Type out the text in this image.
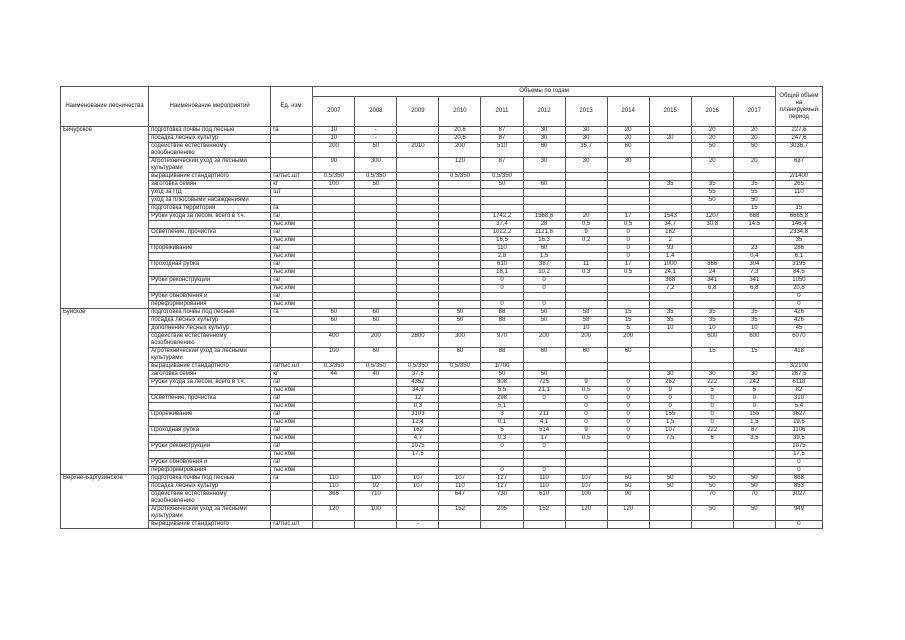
Наименование лесничества	Наименование мероприятий	Ед. изм.	Объемы по годам											Общий объем на планируемый период
			2007	2008	2009	2010	2011	2012	2013	2014	2015	2016	2017	
Бичурское	подготовка почвы под лесные	га	10	-		20,6	87	30	30	20		20	20	227,6
	посадка лесных культур		10	-		20,6	87	30	30	20	20	20	20	247,6
	содействие естественному возобновлению		200	60	2010	200	510	60	35,7	60		50	50	3036,7
	Агротехнический уход за лесными культурами		90	300		120	87	30	30	30		20	20	637
	выращивание стандартного	га/тыс.шт	0,5/350	0,5/350		0,5/350	0,5/350							2/1400
	заготовка семян	кг	100	50			50	60			35	35	35	265
	уход за ПД	шт										55	55	110
	уход за плюсовыми насаждениями											50	50	
	подготовка территории	га											15	15
	Рубки ухода за лесом, всего в т.ч.	га/					1742,2	1568,6	20	17	1543	1207	668	6665,8
		тыс.кбм					37,4	28	0,5	0,5	34,7	30,8	14,5	146,4
	Осветление, прочистка	га/					1022,2	1121,6	9	0	182			2334,8
		тыс.кбм					16,5	16,3	0,2	0	2			35
	Прореживание	га/					110	60		0	93		23	286
		тыс.кбм					2,8	1,5		0	1,4		0,4	6,1
	Проходная рубка	га/					610	387	11	17	1000	866	304	3195
		тыс.кбм					18,1	10,2	0,3	0,5	24,1	24	7,3	84,5
	Рубки реконструкции	га/					0	0			368	341	341	1050
		тыс.кбм					0	0			7,2	6,8	6,8	20,8
	Рубки обновления и	га/												0
	переформирования	тыс.кбм					0	0						0
Буйское	подготовка почвы под лесные	га	60	60		50	88	50	58	15	35	35	35	426
	посадка лесных культур		60	60		50	88	50	58	15	35	35	35	426
	дополнение лесных культур								10	5	10	10	10	45
	содействие естественному возобновлению		400	200	2800	300	970	200	200	200		600	600	6070
	Агротехнический уход за лесными культурами		100	60		60	88	60	60	60		15	15	418
	выращивание стандартного	га/тыс.шт	0,3/350	0,5/350	0,5/350	0,5/350	1/700							3/2100
	заготовка семян	кг	44	40	37,5		50	50			30	30	30	267,5
	Рубки ухода за лесом, всего в т.ч.	га/			4352		308	725	9	0	262	222	242	6118
		тыс.кбм			34,9		5,5	21,1	0,5	0	9	5	5	82
	Осветление, прочистка	га/			12		298	0	0	0	0	0	0	310
		тыс.кбм			0,3		5,1		0	0	0	0	0	5,4
	Прореживание	га/			3103		3	211	0	0	155	0	155	3627
		тыс.кбм			12,4		0,1	4,1	0	0	1,5	0	1,5	19,6
	Проходная рубка	га/			162		5	514	9	0	107	222	87	1106
		тыс.кбм			4,7		0,3	17	0,5	0	7,5	6	3,5	39,5
	Рубки реконструкции	га/			1075		0	0						1075
		тыс.кбм			17,5									17,5
	Рубки обновления и	га/												0
	переформирования	тыс.кбм					0	0						0
Верхне-Баргузинское	подготовка почвы под лесные	га	110	110	107	107	127	110	107	50	50	50	50	868
	посадка лесных культур		110	92	107	110	127	110	107	50	50	50	50	853
	содействие естественному возобновлению		366	710		647	730	610	100	90		70	70	3027
	Агротехнический уход за лесными культурами		120	100		152	205	152	120	120		50	50	949
	выращивание стандартного	га/тыс.шт			-									0
